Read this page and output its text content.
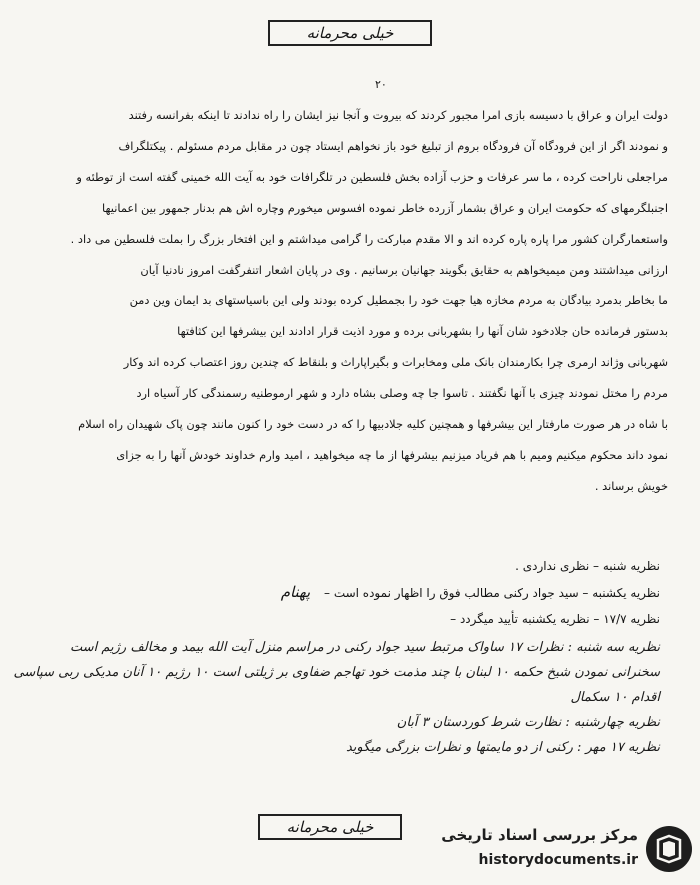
خیلی محرمانه
۲۰
دولت ایران و عراق با دسیسه بازی امرا مجبور کردند که بیروت و آنجا نیز ایشان را راه ندادند تا اینکه بفرانسه رفتند
و نمودند اگر از این فرودگاه آن فرودگاه بروم از تبلیغ خود باز نخواهم ایستاد چون در مقابل مردم مسئولم . پیکتلگراف
مراجعلی ناراحت کرده ، ما سر عرفات و حزب آزاده بخش فلسطین در تلگرافات خود به آیت الله خمینی گفته است از توطئه و
اجنبلگرمهای که حکومت ایران و عراق بشمار آزرده خاطر نموده افسوس میخورم وچاره اش هم بدنار جمهور بین اعمانیها
واستعمارگران کشور مرا پاره پاره کرده اند و الا مقدم مبارکت را گرامی میداشتم و این افتخار بزرگ را بملت فلسطین می داد .
ارزانی میداشتند ومن میمیخواهم به حقایق بگویند جهانیان برسانیم . وی در پایان اشعار اتنفرگفت امروز نادنیا آیان
ما بخاطر بدمرد بیادگان به مردم مخازه هیا جهت خود را بجمطیل کرده بودند ولی این باسیاستهای بد ایمان وین دمن
بدستور فرمانده حان جلادخود شان آنها را بشهربانی برده و مورد اذیت قرار ادادند این بیشرفها این کثافتها
شهربانی وژاند ارمری چرا بکارمندان بانک ملی ومخابرات و بگیراپاراث و بلنقاط که چندین روز اعتصاب کرده اند وکار
مردم را مختل نمودند چیزی با آنها نگفتند . تاسوا جا چه وصلی بشاه دارد و شهر ارموطنیه رسمندگی کار آسیاه ارد
با شاه در هر صورت مارفتار این بیشرفها و همچنین کلیه جلادبیها را که در دست خود را کنون مانند چون پاک شهیدان راه اسلام
نمود داند محکوم میکنیم ومیم با هم فریاد میزنیم بیشرفها از ما چه میخواهید ، امید وارم خداوند خودش آنها را به جزای
خویش برساند .
نظریه شنبه – نظری نداردی .
نظریه یکشنبه – سید جواد رکنی مطالب فوق را اظهار نموده است – پهنام
نظریه ۱۷/۷ – نظریه یکشنبه تأیید میگردد –
نظریه سه شنبه : نظرات ۱۷ ساواک مرتبط سید جواد رکنی در مراسم منزل آیت الله بیمد و مخالف رژیم است
سخنرانی نمودن شیخ حکمه ۱۰ لبنان با چند مذمت خود تهاجم ضفاوی بر ژیلتی است ۱۰ رژیم ۱۰ آنان مدیکی ربی سپاسی
اقدام ۱۰ سکمال
نظریه چهارشنبه : نظارت شرط کوردستان ۳ آبان
نظریه ۱۷ مهر : رکنی از دو مایمتها و نظرات بزرگی میگوید
خیلی محرمانه	مرکز بررسی اسناد تاریخی
historydocuments.ir
